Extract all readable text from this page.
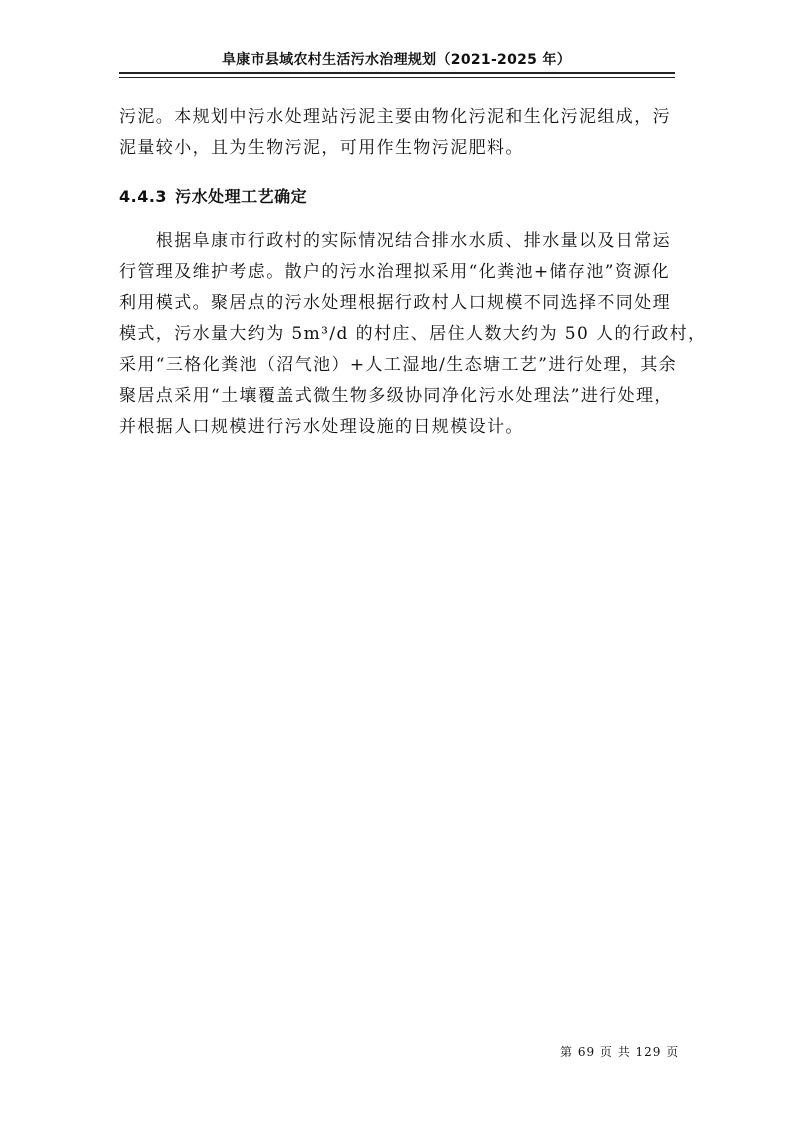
阜康市县域农村生活污水治理规划（2021-2025 年）
污泥。本规划中污水处理站污泥主要由物化污泥和生化污泥组成，污
泥量较小，且为生物污泥，可用作生物污泥肥料。
4.4.3 污水处理工艺确定
　　根据阜康市行政村的实际情况结合排水水质、排水量以及日常运
行管理及维护考虑。散户的污水治理拟采用“化粪池+储存池”资源化
利用模式。聚居点的污水处理根据行政村人口规模不同选择不同处理
模式，污水量大约为 5m³/d 的村庄、居住人数大约为 50 人的行政村，
采用“三格化粪池（沼气池）+人工湿地/生态塘工艺”进行处理，其余
聚居点采用“土壤覆盖式微生物多级协同净化污水处理法”进行处理，
并根据人口规模进行污水处理设施的日规模设计。
第 69 页 共 129 页
